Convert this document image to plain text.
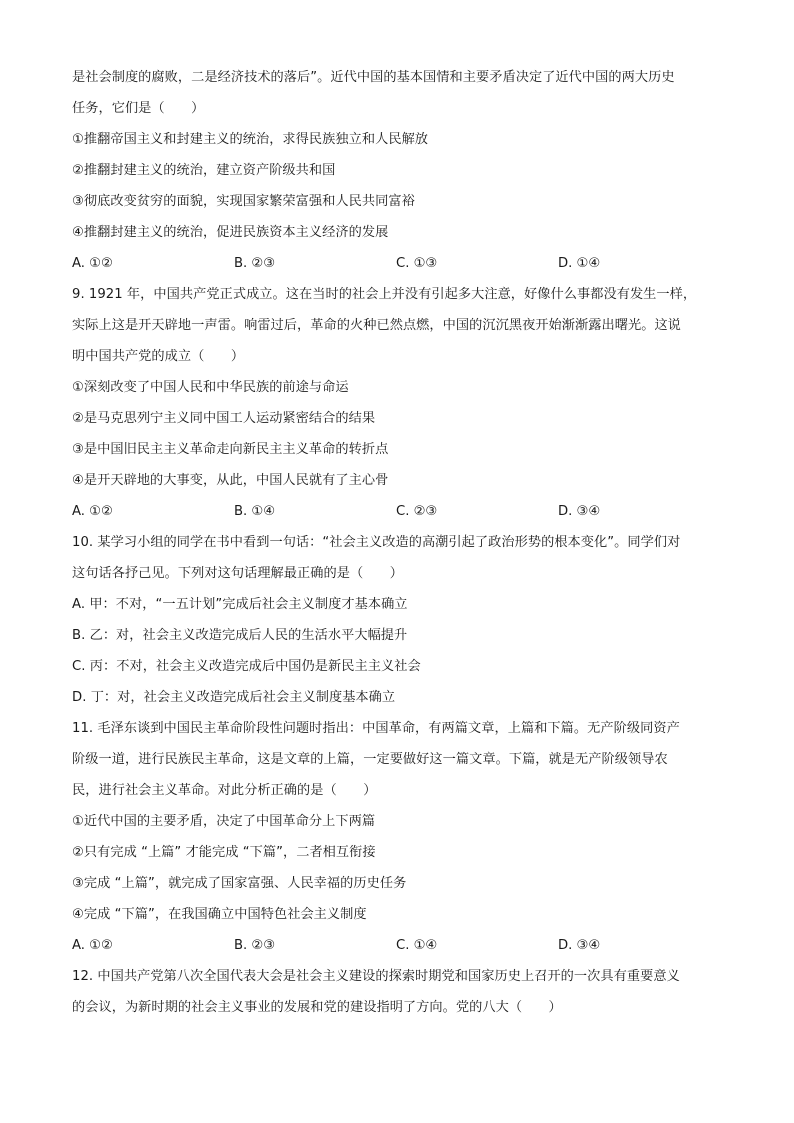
是社会制度的腐败，二是经济技术的落后”。近代中国的基本国情和主要矛盾决定了近代中国的两大历史
任务，它们是（　　）
①推翻帝国主义和封建主义的统治，求得民族独立和人民解放
②推翻封建主义的统治，建立资产阶级共和国
③彻底改变贫穷的面貌，实现国家繁荣富强和人民共同富裕
④推翻封建主义的统治，促进民族资本主义经济的发展
A. ①②	B. ②③	C. ①③	D. ①④
9. 1921 年，中国共产党正式成立。这在当时的社会上并没有引起多大注意，好像什么事都没有发生一样，
实际上这是开天辟地一声雷。响雷过后，革命的火种已然点燃，中国的沉沉黑夜开始渐渐露出曙光。这说
明中国共产党的成立（　　）
①深刻改变了中国人民和中华民族的前途与命运
②是马克思列宁主义同中国工人运动紧密结合的结果
③是中国旧民主主义革命走向新民主主义革命的转折点
④是开天辟地的大事变，从此，中国人民就有了主心骨
A. ①②	B. ①④	C. ②③	D. ③④
10. 某学习小组的同学在书中看到一句话：“社会主义改造的高潮引起了政治形势的根本变化”。同学们对
这句话各抒己见。下列对这句话理解最正确的是（　　）
A. 甲：不对，“一五计划”完成后社会主义制度才基本确立
B. 乙：对，社会主义改造完成后人民的生活水平大幅提升
C. 丙：不对，社会主义改造完成后中国仍是新民主主义社会
D. 丁：对，社会主义改造完成后社会主义制度基本确立
11. 毛泽东谈到中国民主革命阶段性问题时指出：中国革命，有两篇文章，上篇和下篇。无产阶级同资产
阶级一道，进行民族民主革命，这是文章的上篇，一定要做好这一篇文章。下篇，就是无产阶级领导农
民，进行社会主义革命。对此分析正确的是（　　）
①近代中国的主要矛盾，决定了中国革命分上下两篇
②只有完成 “上篇” 才能完成 “下篇”，二者相互衔接
③完成 “上篇”，就完成了国家富强、人民幸福的历史任务
④完成 “下篇”，在我国确立中国特色社会主义制度
A. ①②	B. ②③	C. ①④	D. ③④
12. 中国共产党第八次全国代表大会是社会主义建设的探索时期党和国家历史上召开的一次具有重要意义
的会议，为新时期的社会主义事业的发展和党的建设指明了方向。党的八大（　　）
